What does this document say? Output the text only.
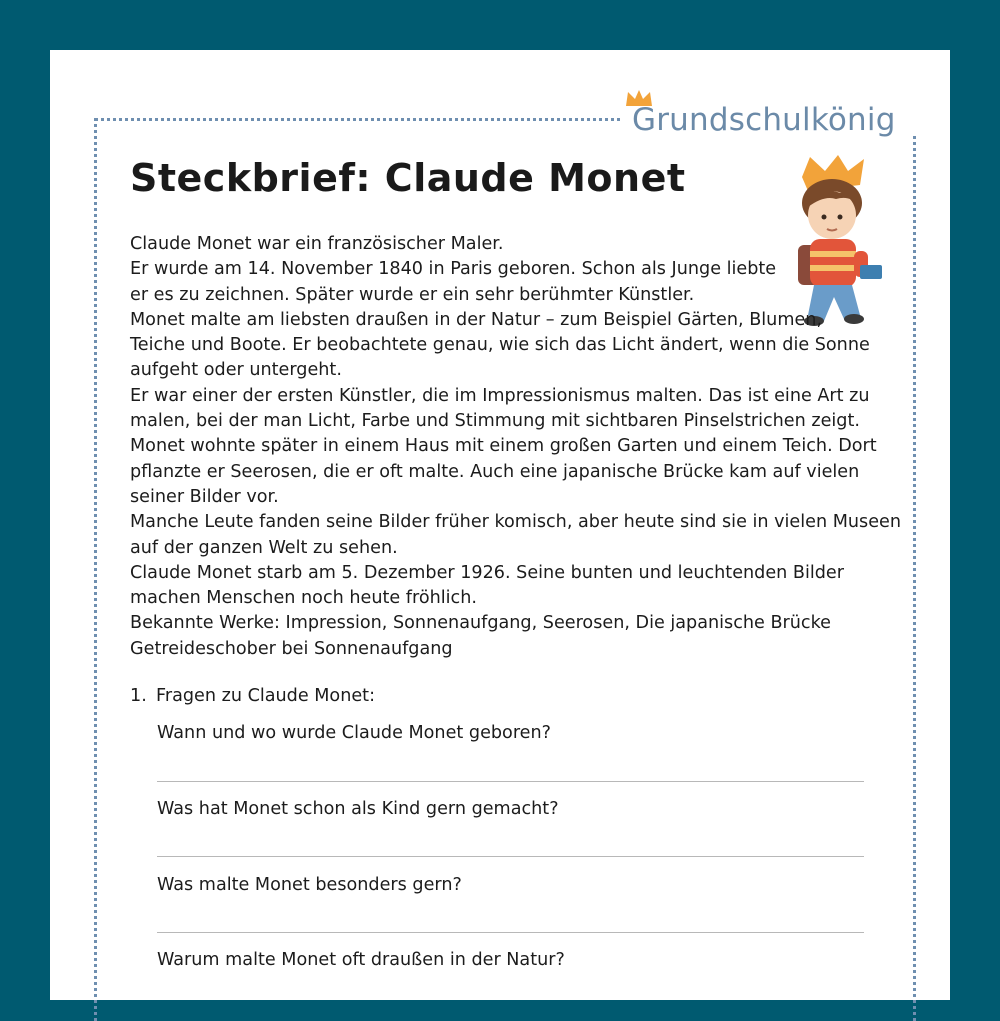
Grundschulkönig
Steckbrief: Claude Monet
Claude Monet war ein französischer Maler.
Er wurde am 14. November 1840 in Paris geboren. Schon als Junge liebte
er es zu zeichnen. Später wurde er ein sehr berühmter Künstler.
Monet malte am liebsten draußen in der Natur – zum Beispiel Gärten, Blumen,
Teiche und Boote. Er beobachtete genau, wie sich das Licht ändert, wenn die Sonne
aufgeht oder untergeht.
Er war einer der ersten Künstler, die im Impressionismus malten. Das ist eine Art zu
malen, bei der man Licht, Farbe und Stimmung mit sichtbaren Pinselstrichen zeigt.
Monet wohnte später in einem Haus mit einem großen Garten und einem Teich. Dort
pflanzte er Seerosen, die er oft malte. Auch eine japanische Brücke kam auf vielen
seiner Bilder vor.
Manche Leute fanden seine Bilder früher komisch, aber heute sind sie in vielen Museen
auf der ganzen Welt zu sehen.
Claude Monet starb am 5. Dezember 1926. Seine bunten und leuchtenden Bilder
machen Menschen noch heute fröhlich.
Bekannte Werke: Impression, Sonnenaufgang, Seerosen, Die japanische Brücke
Getreideschober bei Sonnenaufgang
1. Fragen zu Claude Monet:
Wann und wo wurde Claude Monet geboren?
Was hat Monet schon als Kind gern gemacht?
Was malte Monet besonders gern?
Warum malte Monet oft draußen in der Natur?
